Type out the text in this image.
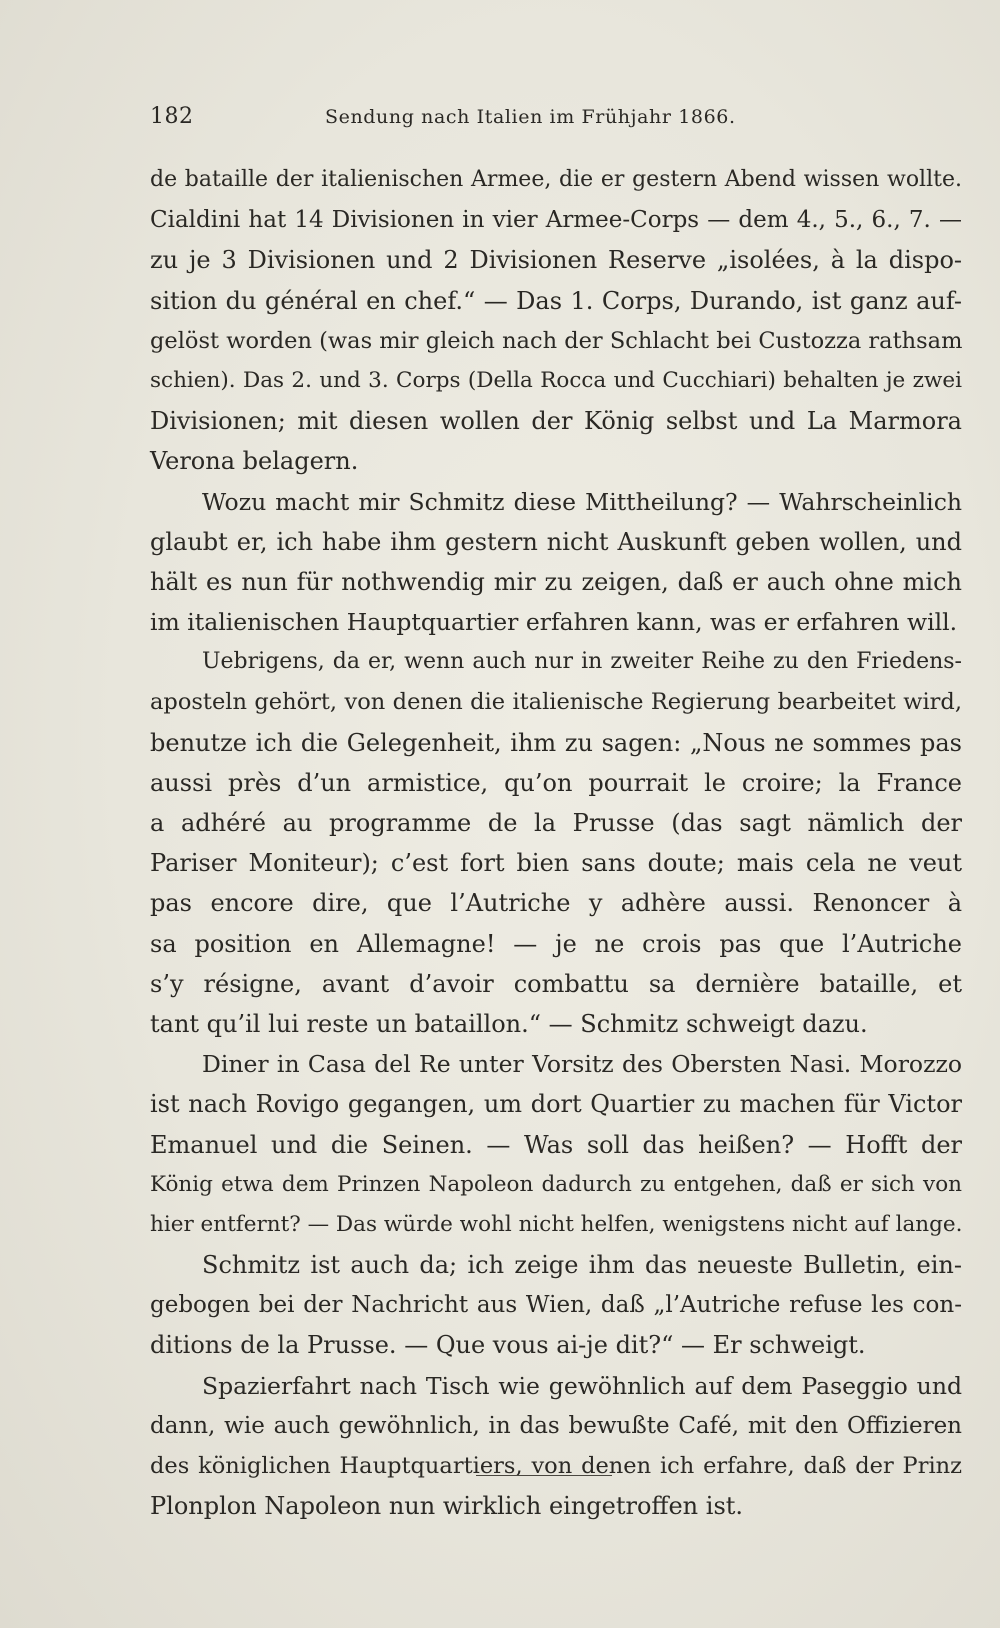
182	Sendung nach Italien im Frühjahr 1866.
de bataille der italienischen Armee, die er gestern Abend wissen wollte.
Cialdini hat 14 Divisionen in vier Armee-Corps — dem 4., 5., 6., 7. —
zu je 3 Divisionen und 2 Divisionen Reserve „isolées, à la dispo-
sition du général en chef.“ — Das 1. Corps, Durando, ist ganz auf-
gelöst worden (was mir gleich nach der Schlacht bei Custozza rathsam
schien). Das 2. und 3. Corps (Della Rocca und Cucchiari) behalten je zwei
Divisionen; mit diesen wollen der König selbst und La Marmora
Verona belagern.
Wozu macht mir Schmitz diese Mittheilung? — Wahrscheinlich
glaubt er, ich habe ihm gestern nicht Auskunft geben wollen, und
hält es nun für nothwendig mir zu zeigen, daß er auch ohne mich
im italienischen Hauptquartier erfahren kann, was er erfahren will.
Uebrigens, da er, wenn auch nur in zweiter Reihe zu den Friedens-
aposteln gehört, von denen die italienische Regierung bearbeitet wird,
benutze ich die Gelegenheit, ihm zu sagen: „Nous ne sommes pas
aussi près d’un armistice, qu’on pourrait le croire; la France
a adhéré au programme de la Prusse (das sagt nämlich der
Pariser Moniteur); c’est fort bien sans doute; mais cela ne veut
pas encore dire, que l’Autriche y adhère aussi. Renoncer à
sa position en Allemagne! — je ne crois pas que l’Autriche
s’y résigne, avant d’avoir combattu sa dernière bataille, et
tant qu’il lui reste un bataillon.“ — Schmitz schweigt dazu.
Diner in Casa del Re unter Vorsitz des Obersten Nasi. Morozzo
ist nach Rovigo gegangen, um dort Quartier zu machen für Victor
Emanuel und die Seinen. — Was soll das heißen? — Hofft der
König etwa dem Prinzen Napoleon dadurch zu entgehen, daß er sich von
hier entfernt? — Das würde wohl nicht helfen, wenigstens nicht auf lange.
Schmitz ist auch da; ich zeige ihm das neueste Bulletin, ein-
gebogen bei der Nachricht aus Wien, daß „l’Autriche refuse les con-
ditions de la Prusse. — Que vous ai-je dit?“ — Er schweigt.
Spazierfahrt nach Tisch wie gewöhnlich auf dem Paseggio und
dann, wie auch gewöhnlich, in das bewußte Café, mit den Offizieren
des königlichen Hauptquartiers, von denen ich erfahre, daß der Prinz
Plonplon Napoleon nun wirklich eingetroffen ist.
